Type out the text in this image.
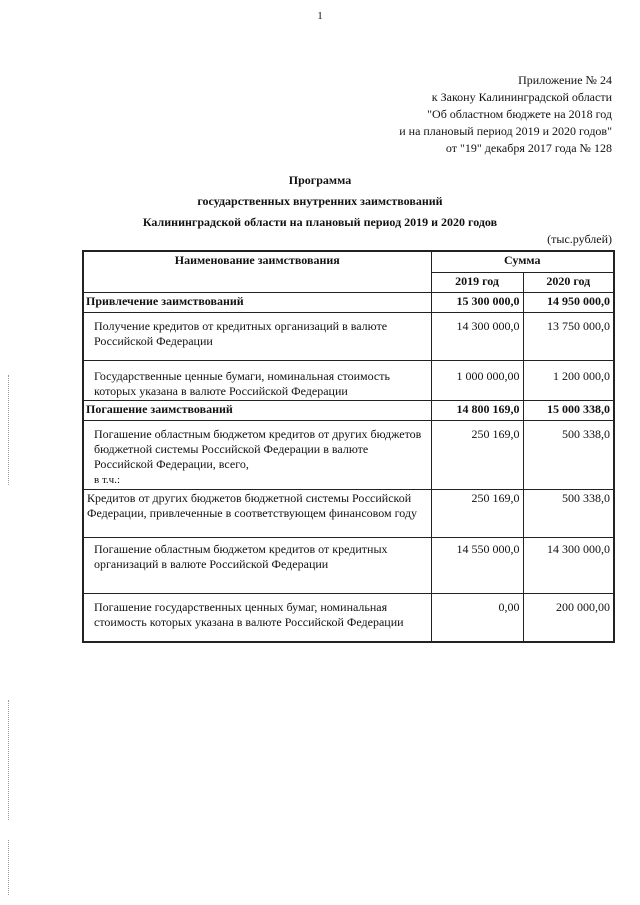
1
Приложение № 24
к Закону Калининградской области
"Об областном бюджете на 2018 год
и на плановый период 2019 и 2020 годов"
от "19" декабря 2017 года № 128
Программа
государственных внутренних заимствований
Калининградской области на плановый период 2019 и 2020 годов
(тыс.рублей)
Наименование заимствования	Сумма	
	2019 год	2020 год
Привлечение заимствований	15 300 000,0	14 950 000,0
Получение кредитов от кредитных организаций в валюте Российской Федерации	14 300 000,0	13 750 000,0
Государственные ценные бумаги, номинальная стоимость которых указана в валюте Российской Федерации	1 000 000,00	1 200 000,0
Погашение заимствований	14 800 169,0	15 000 338,0
Погашение областным бюджетом кредитов от других бюджетов бюджетной системы Российской Федерации в валюте Российской Федерации, всего,
в т.ч.:	250 169,0	500 338,0
Кредитов от других бюджетов бюджетной системы Российской Федерации, привлеченные в соответствующем финансовом году	250 169,0	500 338,0
Погашение областным бюджетом кредитов от кредитных организаций в валюте Российской Федерации	14 550 000,0	14 300 000,0
Погашение государственных ценных бумаг, номинальная стоимость которых указана в валюте Российской Федерации	0,00	200 000,00
